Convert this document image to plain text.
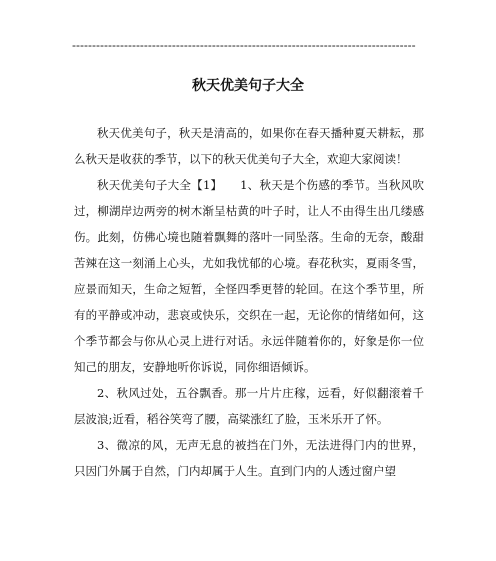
--------------------------------------------------------------------------------------
秋天优美句子大全

秋天优美句子，秋天是清高的，如果你在春天播种夏天耕耘，那么秋天是收获的季节，以下的秋天优美句子大全，欢迎大家阅读！

秋天优美句子大全【1】　　1、秋天是个伤感的季节。当秋风吹过，柳湖岸边两旁的树木渐呈枯黄的叶子时，让人不由得生出几缕感伤。此刻，仿佛心境也随着飘舞的落叶一同坠落。生命的无奈，酸甜苦辣在这一刻涌上心头，尤如我忧郁的心境。春花秋实，夏雨冬雪，应景而知天，生命之短暂，全怪四季更替的轮回。在这个季节里，所有的平静或冲动，悲哀或快乐，交织在一起，无论你的情绪如何，这个季节都会与你从心灵上进行对话。永远伴随着你的，好象是你一位知己的朋友，安静地听你诉说，同你细语倾诉。

2、秋风过处，五谷飘香。那一片片庄稼，远看，好似翻滚着千层波浪;近看，稻谷笑弯了腰，高粱涨红了脸，玉米乐开了怀。

3、微凉的风，无声无息的被挡在门外，无法进得门内的世界，只因门外属于自然，门内却属于人生。直到门内的人透过窗户望
